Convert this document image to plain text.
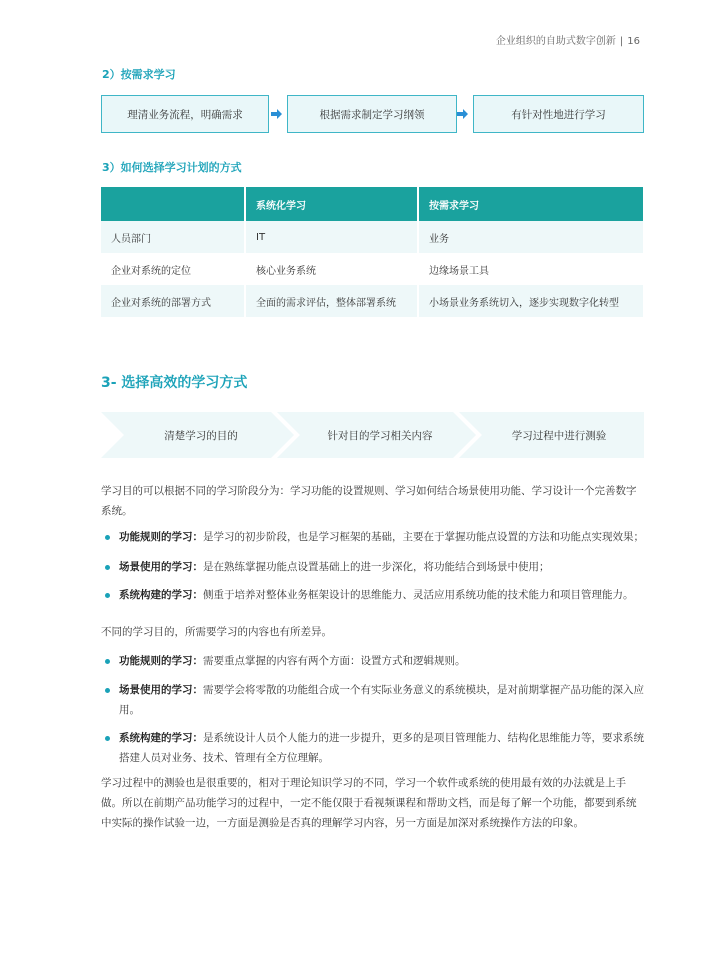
企业组织的自助式数字创新 | 16
2）按需求学习
理清业务流程，明确需求	根据需求制定学习纲领	有针对性地进行学习
3）如何选择学习计划的方式
	系统化学习	按需求学习
人员部门	IT	业务
企业对系统的定位	核心业务系统	边缘场景工具
企业对系统的部署方式	全面的需求评估，整体部署系统	小场景业务系统切入，逐步实现数字化转型
3- 选择高效的学习方式
清楚学习的目的	针对目的学习相关内容	学习过程中进行测验
学习目的可以根据不同的学习阶段分为：学习功能的设置规则、学习如何结合场景使用功能、学习设计一个完善数字系统。
功能规则的学习：是学习的初步阶段，也是学习框架的基础，主要在于掌握功能点设置的方法和功能点实现效果；
场景使用的学习：是在熟练掌握功能点设置基础上的进一步深化，将功能结合到场景中使用；
系统构建的学习：侧重于培养对整体业务框架设计的思维能力、灵活应用系统功能的技术能力和项目管理能力。
不同的学习目的，所需要学习的内容也有所差异。
功能规则的学习：需要重点掌握的内容有两个方面：设置方式和逻辑规则。
场景使用的学习：需要学会将零散的功能组合成一个有实际业务意义的系统模块，是对前期掌握产品功能的深入应用。
系统构建的学习：是系统设计人员个人能力的进一步提升，更多的是项目管理能力、结构化思维能力等，要求系统搭建人员对业务、技术、管理有全方位理解。
学习过程中的测验也是很重要的，相对于理论知识学习的不同，学习一个软件或系统的使用最有效的办法就是上手做。所以在前期产品功能学习的过程中，一定不能仅限于看视频课程和帮助文档，而是每了解一个功能，都要到系统中实际的操作试验一边，一方面是测验是否真的理解学习内容，另一方面是加深对系统操作方法的印象。
